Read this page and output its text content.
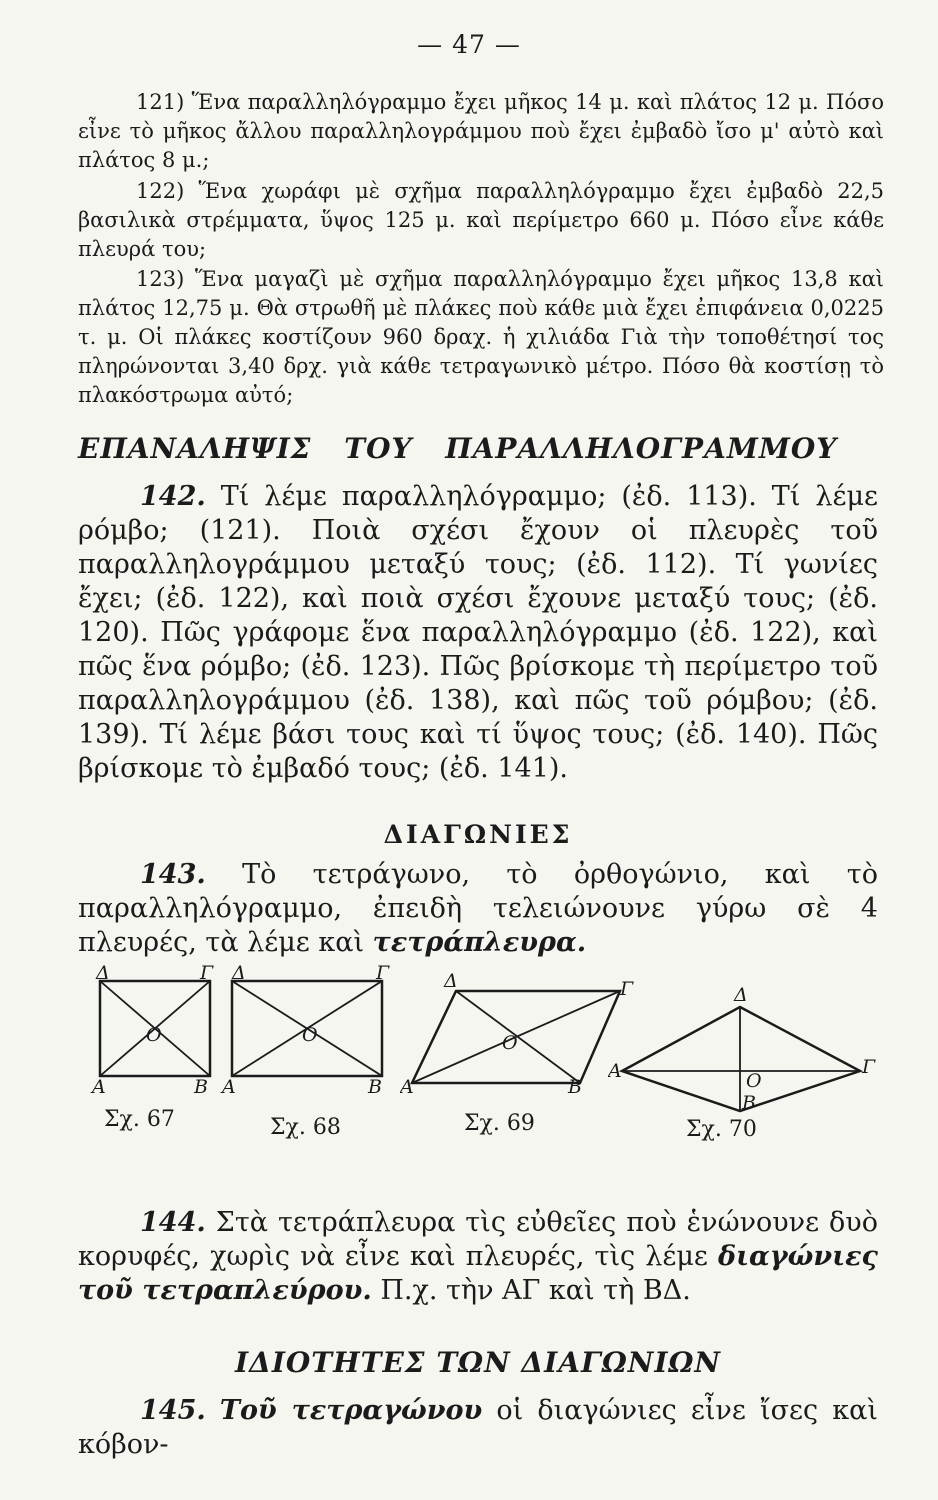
— 47 —

121) Ἕνα παραλληλόγραμμο ἔχει μῆκος 14 μ. καὶ πλάτος 12 μ. Πόσο εἶνε τὸ μῆκος ἄλλου παραλληλογράμμου ποὺ ἔχει ἐμβαδὸ ἴσο μ' αὐτὸ καὶ πλάτος 8 μ.;

122) Ἕνα χωράφι μὲ σχῆμα παραλληλόγραμμο ἔχει ἐμβαδὸ 22,5 βασιλικὰ στρέμματα, ὕψος 125 μ. καὶ περίμετρο 660 μ. Πόσο εἶνε κάθε πλευρά του;

123) Ἕνα μαγαζὶ μὲ σχῆμα παραλληλόγραμμο ἔχει μῆκος 13,8 καὶ πλάτος 12,75 μ. Θὰ στρωθῆ μὲ πλάκες ποὺ κάθε μιὰ ἔχει ἐπιφάνεια 0,0225 τ. μ. Οἱ πλάκες κοστίζουν 960 δραχ. ἡ χιλιάδα Γιὰ τὴν τοποθέτησί τος πληρώνονται 3,40 δρχ. γιὰ κάθε τετραγωνικὸ μέτρο. Πόσο θὰ κοστίσῃ τὸ πλακόστρωμα αὐτό;

ΕΠΑΝΑΛΗΨΙΣ ΤΟΥ ΠΑΡΑΛΛΗΛΟΓΡΑΜΜΟΥ

142. Τί λέμε παραλληλόγραμμο; (ἐδ. 113). Τί λέμε ρόμβο; (121). Ποιὰ σχέσι ἔχουν οἱ πλευρὲς τοῦ παραλληλογράμμου μεταξύ τους; (ἐδ. 112). Τί γωνίες ἔχει; (ἐδ. 122), καὶ ποιὰ σχέσι ἔχουνε μεταξύ τους; (ἐδ. 120). Πῶς γράφομε ἕνα παραλληλόγραμμο (ἐδ. 122), καὶ πῶς ἕνα ρόμβο; (ἐδ. 123). Πῶς βρίσκομε τὴ περίμετρο τοῦ παραλληλογράμμου (ἐδ. 138), καὶ πῶς τοῦ ρόμβου; (ἐδ. 139). Τί λέμε βάσι τους καὶ τί ὕψος τους; (ἐδ. 140). Πῶς βρίσκομε τὸ ἐμβαδό τους; (ἐδ. 141).

ΔΙΑΓΩΝΙΕΣ

143. Τὸ τετράγωνο, τὸ ὀρθογώνιο, καὶ τὸ παραλληλόγραμμο, ἐπειδὴ τελειώνουνε γύρω σὲ 4 πλευρές, τὰ λέμε καὶ τετράπλευρα.

Δ	Γ
Α	Β
Ο
Σχ. 67
Δ	Γ
Α	Β
Ο
Σχ. 68
Δ	Γ
Α	Β
Ο
Σχ. 69
Δ
Γ
Α
Β
Ο
Σχ. 70

144. Στὰ τετράπλευρα τὶς εὐθεῖες ποὺ ἑνώνουνε δυὸ κορυφές, χωρὶς νὰ εἶνε καὶ πλευρές, τὶς λέμε διαγώνιες τοῦ τετραπλεύρου. Π.χ. τὴν ΑΓ καὶ τὴ ΒΔ.

ΙΔΙΟΤΗΤΕΣ ΤΩΝ ΔΙΑΓΩΝΙΩΝ

145. Τοῦ τετραγώνου οἱ διαγώνιες εἶνε ἴσες καὶ κόβον-
